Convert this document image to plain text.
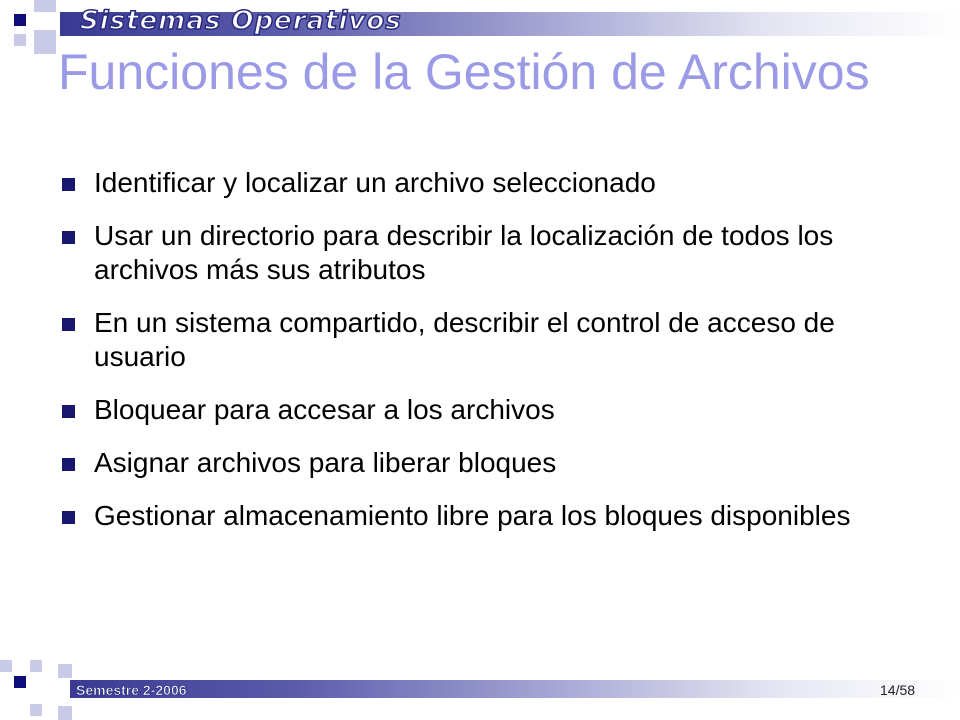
Sistemas Operativos
Funciones de la Gestión de Archivos
Identificar y localizar un archivo seleccionado
Usar un directorio para describir la localización de todos los archivos más sus atributos
En un sistema compartido, describir el control de acceso de usuario
Bloquear para accesar a los archivos
Asignar archivos para liberar bloques
Gestionar almacenamiento libre para los bloques disponibles
Semestre 2-2006	14/58
